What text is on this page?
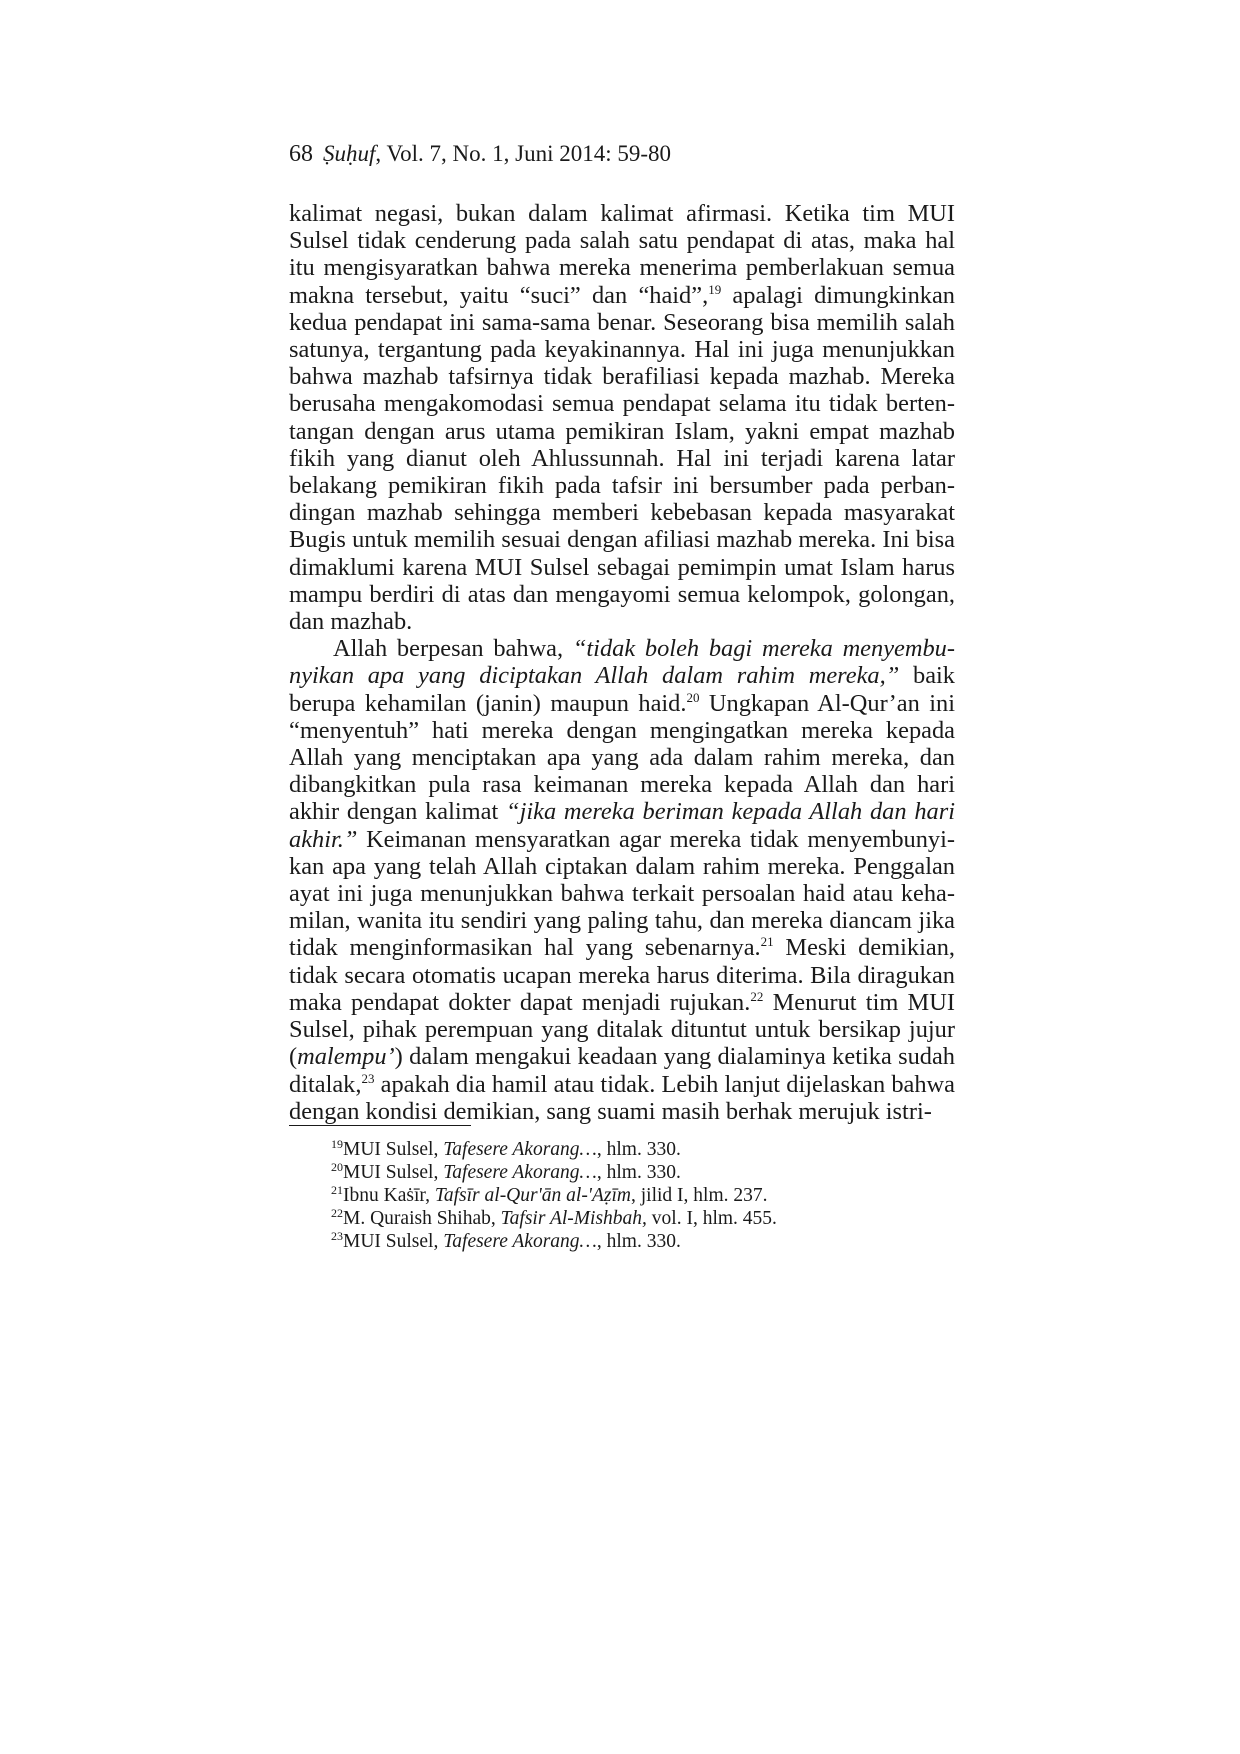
68 Ṣuḥuf, Vol. 7, No. 1, Juni 2014: 59-80

kalimat negasi, bukan dalam kalimat afirmasi. Ketika tim MUI Sulsel tidak cenderung pada salah satu pendapat di atas, maka hal itu mengisyaratkan bahwa mereka menerima pemberlakuan semua makna tersebut, yaitu “suci” dan “haid”,$^{19}$ apalagi dimungkinkan kedua pendapat ini sama-sama benar. Seseorang bisa memilih salah satunya, tergantung pada keyakinannya. Hal ini juga menunjukkan bahwa mazhab tafsirnya tidak berafiliasi kepada mazhab. Mereka berusaha mengakomodasi semua pendapat selama itu tidak bertentangan dengan arus utama pemikiran Islam, yakni empat mazhab fikih yang dianut oleh Ahlussunnah. Hal ini terjadi karena latar belakang pemikiran fikih pada tafsir ini bersumber pada perbandingan mazhab sehingga memberi kebebasan kepada masyarakat Bugis untuk memilih sesuai dengan afiliasi mazhab mereka. Ini bisa dimaklumi karena MUI Sulsel sebagai pemimpin umat Islam harus mampu berdiri di atas dan mengayomi semua kelompok, golongan, dan mazhab.

Allah berpesan bahwa, “tidak boleh bagi mereka menyembunyikan apa yang diciptakan Allah dalam rahim mereka,” baik berupa kehamilan (janin) maupun haid.$^{20}$ Ungkapan Al-Qur’an ini “menyentuh” hati mereka dengan mengingatkan mereka kepada Allah yang menciptakan apa yang ada dalam rahim mereka, dan dibangkitkan pula rasa keimanan mereka kepada Allah dan hari akhir dengan kalimat “jika mereka beriman kepada Allah dan hari akhir.” Keimanan mensyaratkan agar mereka tidak menyembunyikan apa yang telah Allah ciptakan dalam rahim mereka. Penggalan ayat ini juga menunjukkan bahwa terkait persoalan haid atau kehamilan, wanita itu sendiri yang paling tahu, dan mereka diancam jika tidak menginformasikan hal yang sebenarnya.$^{21}$ Meski demikian, tidak secara otomatis ucapan mereka harus diterima. Bila diragukan maka pendapat dokter dapat menjadi rujukan.$^{22}$ Menurut tim MUI Sulsel, pihak perempuan yang ditalak dituntut untuk bersikap jujur (malempu’) dalam mengakui keadaan yang dialaminya ketika sudah ditalak,$^{23}$ apakah dia hamil atau tidak. Lebih lanjut dijelaskan bahwa dengan kondisi demikian, sang suami masih berhak merujuk istri-

$^{19}$MUI Sulsel, Tafesere Akorang…, hlm. 330.
$^{20}$MUI Sulsel, Tafesere Akorang…, hlm. 330.
$^{21}$Ibnu Kaṡīr, Tafsīr al-Qur'ān al-'Aẓīm, jilid I, hlm. 237.
$^{22}$M. Quraish Shihab, Tafsir Al-Mishbah, vol. I, hlm. 455.
$^{23}$MUI Sulsel, Tafesere Akorang…, hlm. 330.
